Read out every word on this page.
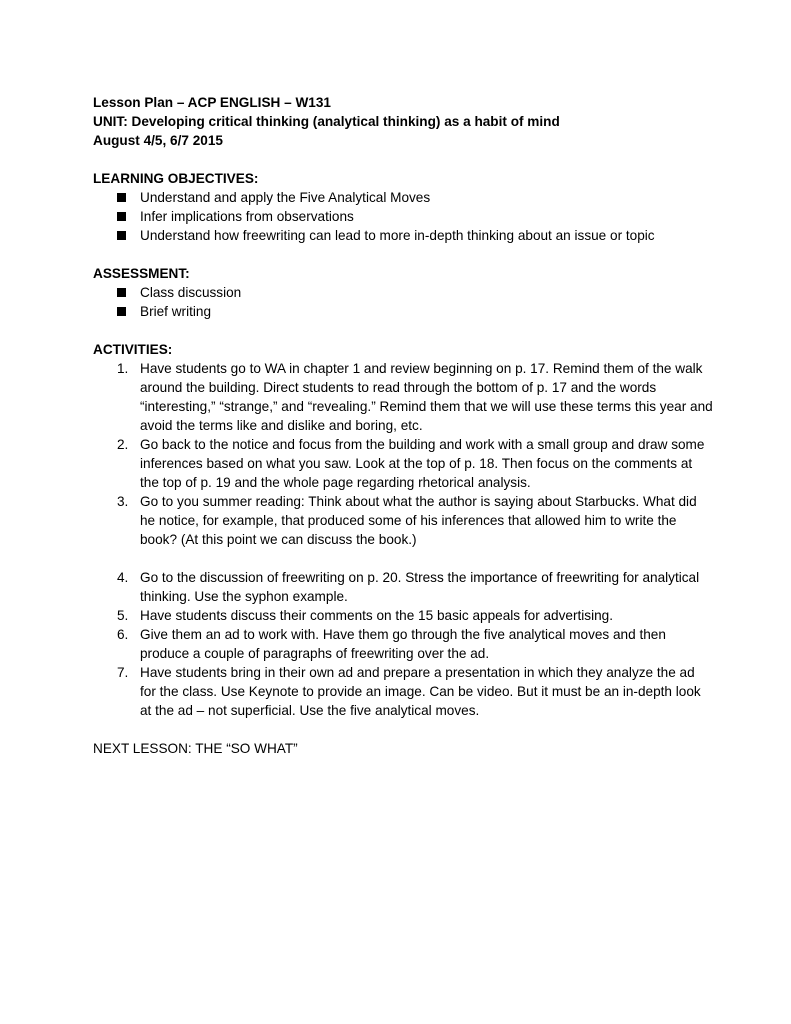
Lesson Plan – ACP ENGLISH – W131

UNIT: Developing critical thinking (analytical thinking) as a habit of mind

August 4/5, 6/7 2015

LEARNING OBJECTIVES:

Understand and apply the Five Analytical Moves
Infer implications from observations
Understand how freewriting can lead to more in-depth thinking about an issue or topic

ASSESSMENT:

Class discussion
Brief writing

ACTIVITIES:

1. Have students go to WA in chapter 1 and review beginning on p. 17. Remind them of the walk around the building. Direct students to read through the bottom of p. 17 and the words “interesting,” “strange,” and “revealing.” Remind them that we will use these terms this year and avoid the terms like and dislike and boring, etc.
2. Go back to the notice and focus from the building and work with a small group and draw some inferences based on what you saw. Look at the top of p. 18. Then focus on the comments at the top of p. 19 and the whole page regarding rhetorical analysis.
3. Go to you summer reading: Think about what the author is saying about Starbucks. What did he notice, for example, that produced some of his inferences that allowed him to write the book? (At this point we can discuss the book.)
4. Go to the discussion of freewriting on p. 20. Stress the importance of freewriting for analytical thinking. Use the syphon example.
5. Have students discuss their comments on the 15 basic appeals for advertising.
6. Give them an ad to work with. Have them go through the five analytical moves and then produce a couple of paragraphs of freewriting over the ad.
7. Have students bring in their own ad and prepare a presentation in which they analyze the ad for the class. Use Keynote to provide an image. Can be video. But it must be an in-depth look at the ad – not superficial. Use the five analytical moves.

NEXT LESSON: THE “SO WHAT”
